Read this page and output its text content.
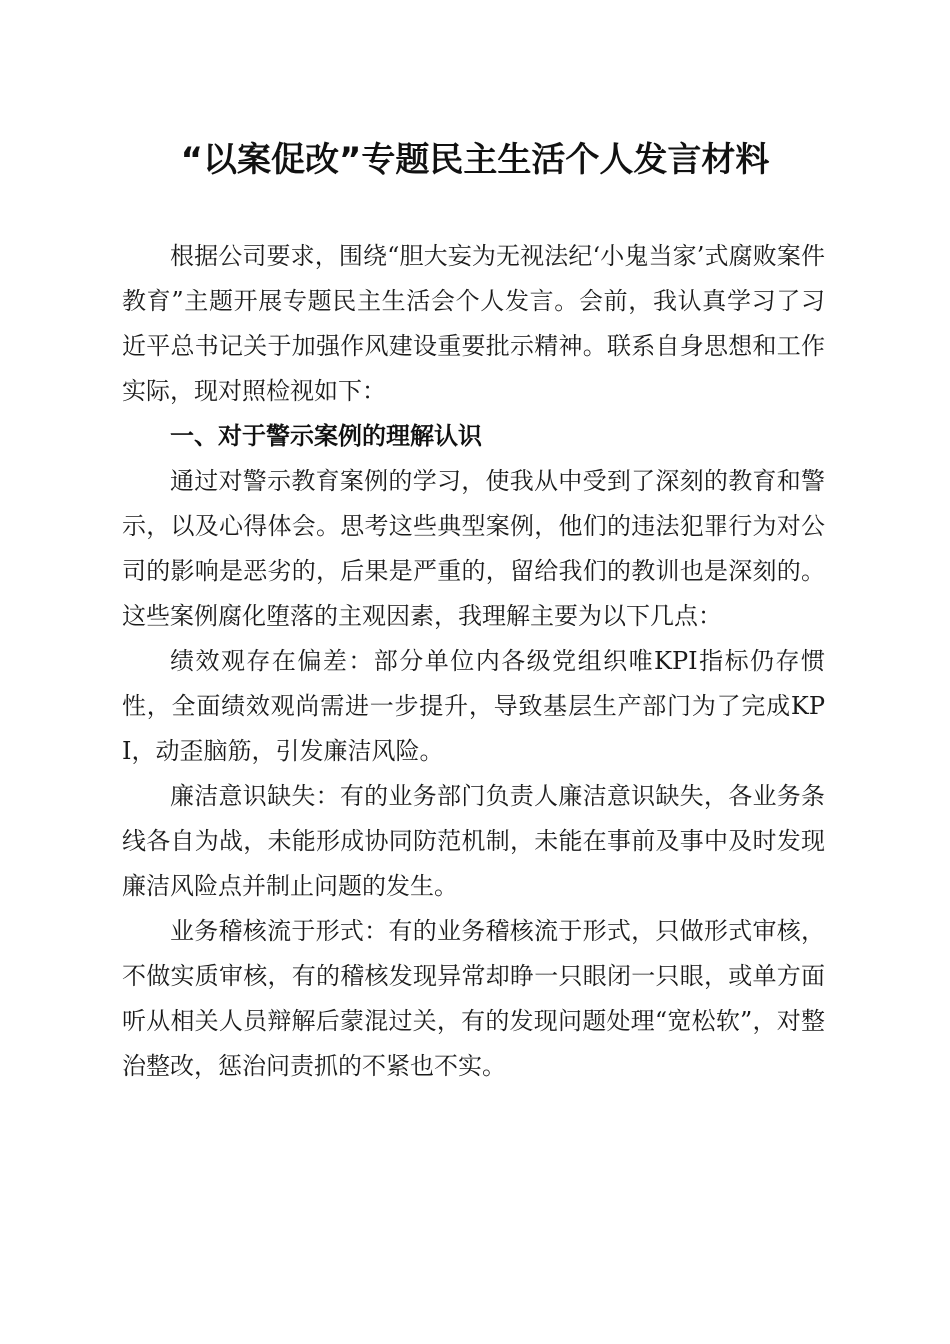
“以案促改”专题民主生活个人发言材料

根据公司要求，围绕“胆大妄为无视法纪‘小鬼当家’式腐败案件教育”主题开展专题民主生活会个人发言。会前，我认真学习了习近平总书记关于加强作风建设重要批示精神。联系自身思想和工作实际，现对照检视如下：

一、对于警示案例的理解认识

通过对警示教育案例的学习，使我从中受到了深刻的教育和警示，以及心得体会。思考这些典型案例，他们的违法犯罪行为对公司的影响是恶劣的，后果是严重的，留给我们的教训也是深刻的。这些案例腐化堕落的主观因素，我理解主要为以下几点：

绩效观存在偏差：部分单位内各级党组织唯KPI指标仍存惯性，全面绩效观尚需进一步提升，导致基层生产部门为了完成KPI，动歪脑筋，引发廉洁风险。

廉洁意识缺失：有的业务部门负责人廉洁意识缺失，各业务条线各自为战，未能形成协同防范机制，未能在事前及事中及时发现廉洁风险点并制止问题的发生。

业务稽核流于形式：有的业务稽核流于形式，只做形式审核，不做实质审核，有的稽核发现异常却睁一只眼闭一只眼，或单方面听从相关人员辩解后蒙混过关，有的发现问题处理“宽松软”，对整治整改，惩治问责抓的不紧也不实。
